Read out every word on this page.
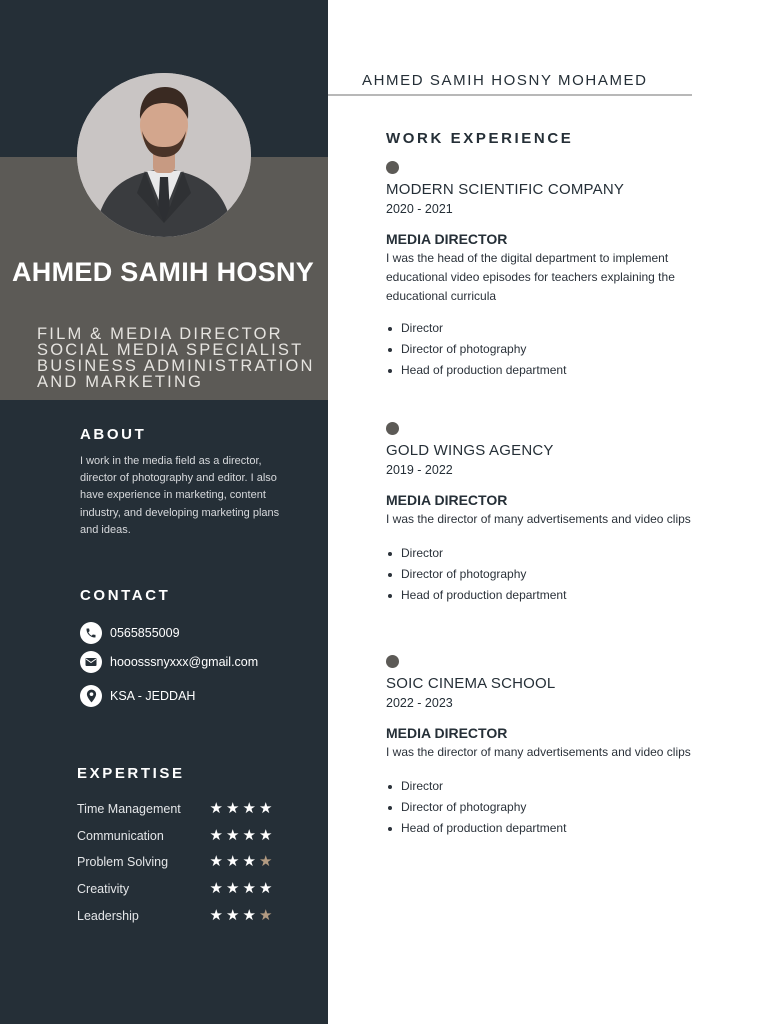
AHMED SAMIH HOSNY
FILM & MEDIA DIRECTOR
SOCIAL MEDIA SPECIALIST
BUSINESS ADMINISTRATION
AND MARKETING
ABOUT
I work in the media field as a director, director of photography and editor. I also have experience in marketing, content industry, and developing marketing plans and ideas.
CONTACT
0565855009
hooosssnyxxx@gmail.com
KSA - JEDDAH
EXPERTISE
Time Management	★ ★ ★ ★
Communication	★ ★ ★ ★
Problem Solving	★ ★ ★ ★
Creativity	★ ★ ★ ★
Leadership	★ ★ ★ ★
AHMED SAMIH HOSNY MOHAMED
WORK EXPERIENCE
MODERN SCIENTIFIC COMPANY
2020 - 2021
MEDIA DIRECTOR
I was the head of the digital department to implement educational video episodes for teachers explaining the educational curricula
Director
Director of photography
Head of production department
GOLD WINGS AGENCY
2019 - 2022
MEDIA DIRECTOR
I was the director of many advertisements and video clips
Director
Director of photography
Head of production department
SOIC CINEMA SCHOOL
2022 - 2023
MEDIA DIRECTOR
I was the director of many advertisements and video clips
Director
Director of photography
Head of production department
